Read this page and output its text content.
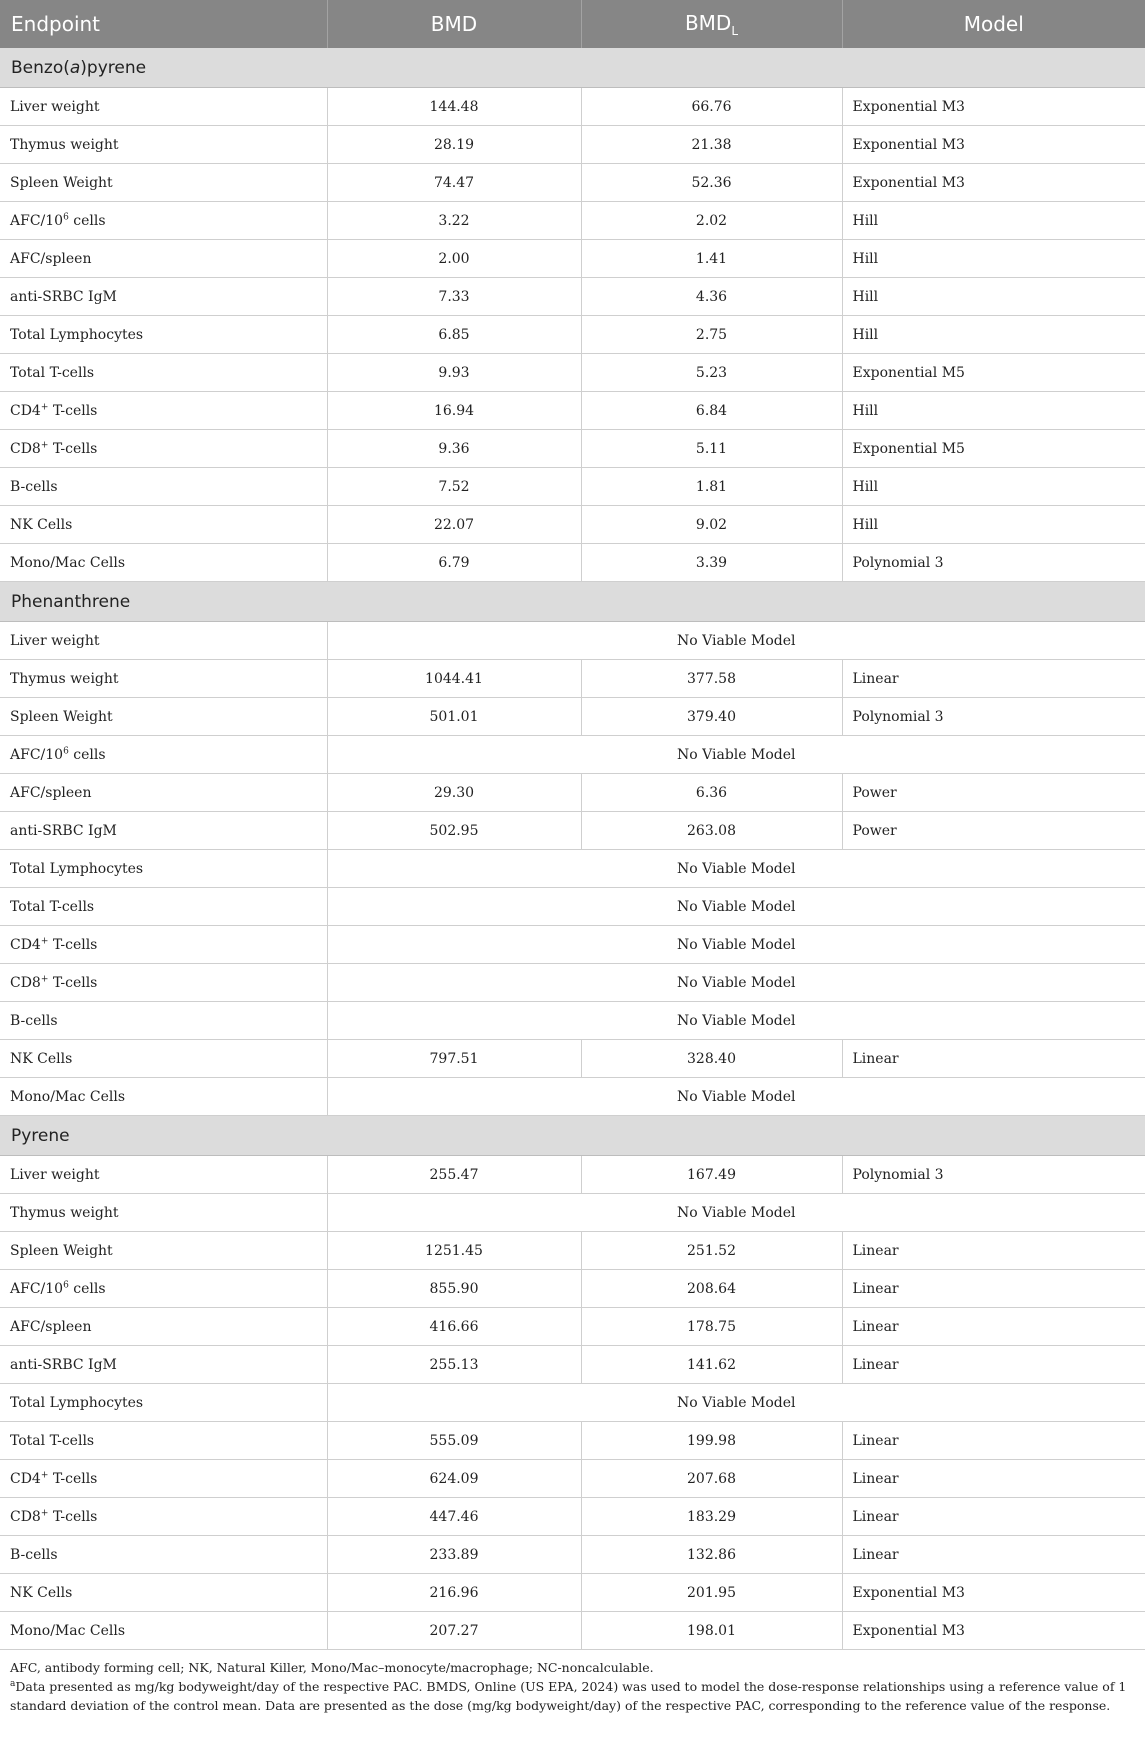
Endpoint	BMD	$BMD_L$	Model
Benzo(a)pyrene			
Liver weight	144.48	66.76	Exponential M3
Thymus weight	28.19	21.38	Exponential M3
Spleen Weight	74.47	52.36	Exponential M3
AFC/$10^6$ cells	3.22	2.02	Hill
AFC/spleen	2.00	1.41	Hill
anti-SRBC IgM	7.33	4.36	Hill
Total Lymphocytes	6.85	2.75	Hill
Total T-cells	9.93	5.23	Exponential M5
CD4+ T-cells	16.94	6.84	Hill
CD8+ T-cells	9.36	5.11	Exponential M5
B-cells	7.52	1.81	Hill
NK Cells	22.07	9.02	Hill
Mono/Mac Cells	6.79	3.39	Polynomial 3
Phenanthrene			
Liver weight	No Viable Model		
Thymus weight	1044.41	377.58	Linear
Spleen Weight	501.01	379.40	Polynomial 3
AFC/$10^6$ cells	No Viable Model		
AFC/spleen	29.30	6.36	Power
anti-SRBC IgM	502.95	263.08	Power
Total Lymphocytes	No Viable Model		
Total T-cells	No Viable Model		
CD4+ T-cells	No Viable Model		
CD8+ T-cells	No Viable Model		
B-cells	No Viable Model		
NK Cells	797.51	328.40	Linear
Mono/Mac Cells	No Viable Model		
Pyrene			
Liver weight	255.47	167.49	Polynomial 3
Thymus weight	No Viable Model		
Spleen Weight	1251.45	251.52	Linear
AFC/$10^6$ cells	855.90	208.64	Linear
AFC/spleen	416.66	178.75	Linear
anti-SRBC IgM	255.13	141.62	Linear
Total Lymphocytes	No Viable Model		
Total T-cells	555.09	199.98	Linear
CD4+ T-cells	624.09	207.68	Linear
CD8+ T-cells	447.46	183.29	Linear
B-cells	233.89	132.86	Linear
NK Cells	216.96	201.95	Exponential M3
Mono/Mac Cells	207.27	198.01	Exponential M3

AFC, antibody forming cell; NK, Natural Killer, Mono/Mac–monocyte/macrophage; NC-noncalculable.

$^a$Data presented as mg/kg bodyweight/day of the respective PAC. BMDS, Online (US EPA, 2024) was used to model the dose-response relationships using a reference value of 1 standard deviation of the control mean. Data are presented as the dose (mg/kg bodyweight/day) of the respective PAC, corresponding to the reference value of the response.
